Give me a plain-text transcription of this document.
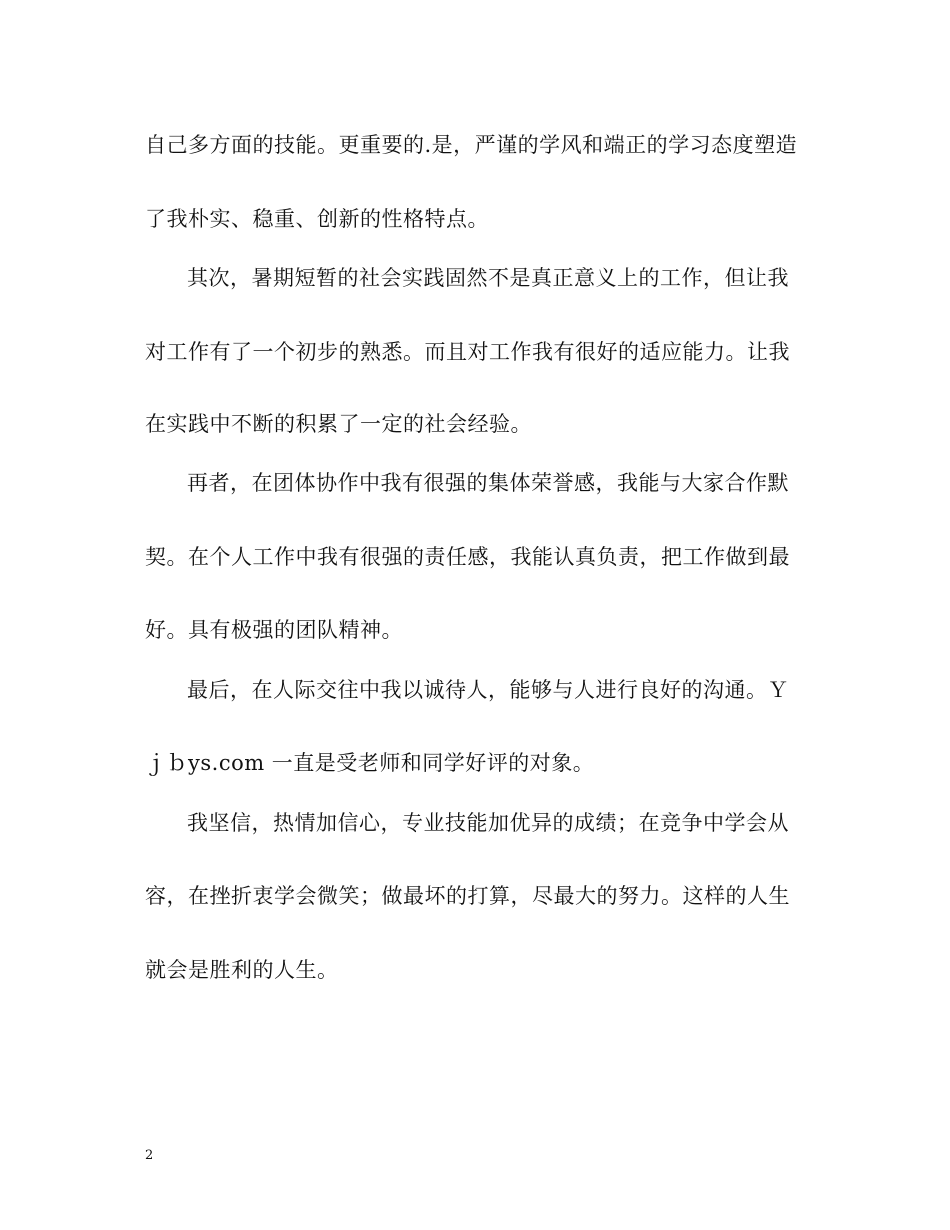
自己多方面的技能。更重要的.是，严谨的学风和端正的学习态度塑造
了我朴实、稳重、创新的性格特点。
其次，暑期短暂的社会实践固然不是真正意义上的工作，但让我
对工作有了一个初步的熟悉。而且对工作我有很好的适应能力。让我
在实践中不断的积累了一定的社会经验。
再者，在团体协作中我有很强的集体荣誉感，我能与大家合作默
契。在个人工作中我有很强的责任感，我能认真负责，把工作做到最
好。具有极强的团队精神。
最后，在人际交往中我以诚待人，能够与人进行良好的沟通。Ｙ
ｊｂys.com 一直是受老师和同学好评的对象。
我坚信，热情加信心，专业技能加优异的成绩；在竞争中学会从
容，在挫折衷学会微笑；做最坏的打算，尽最大的努力。这样的人生
就会是胜利的人生。
2
